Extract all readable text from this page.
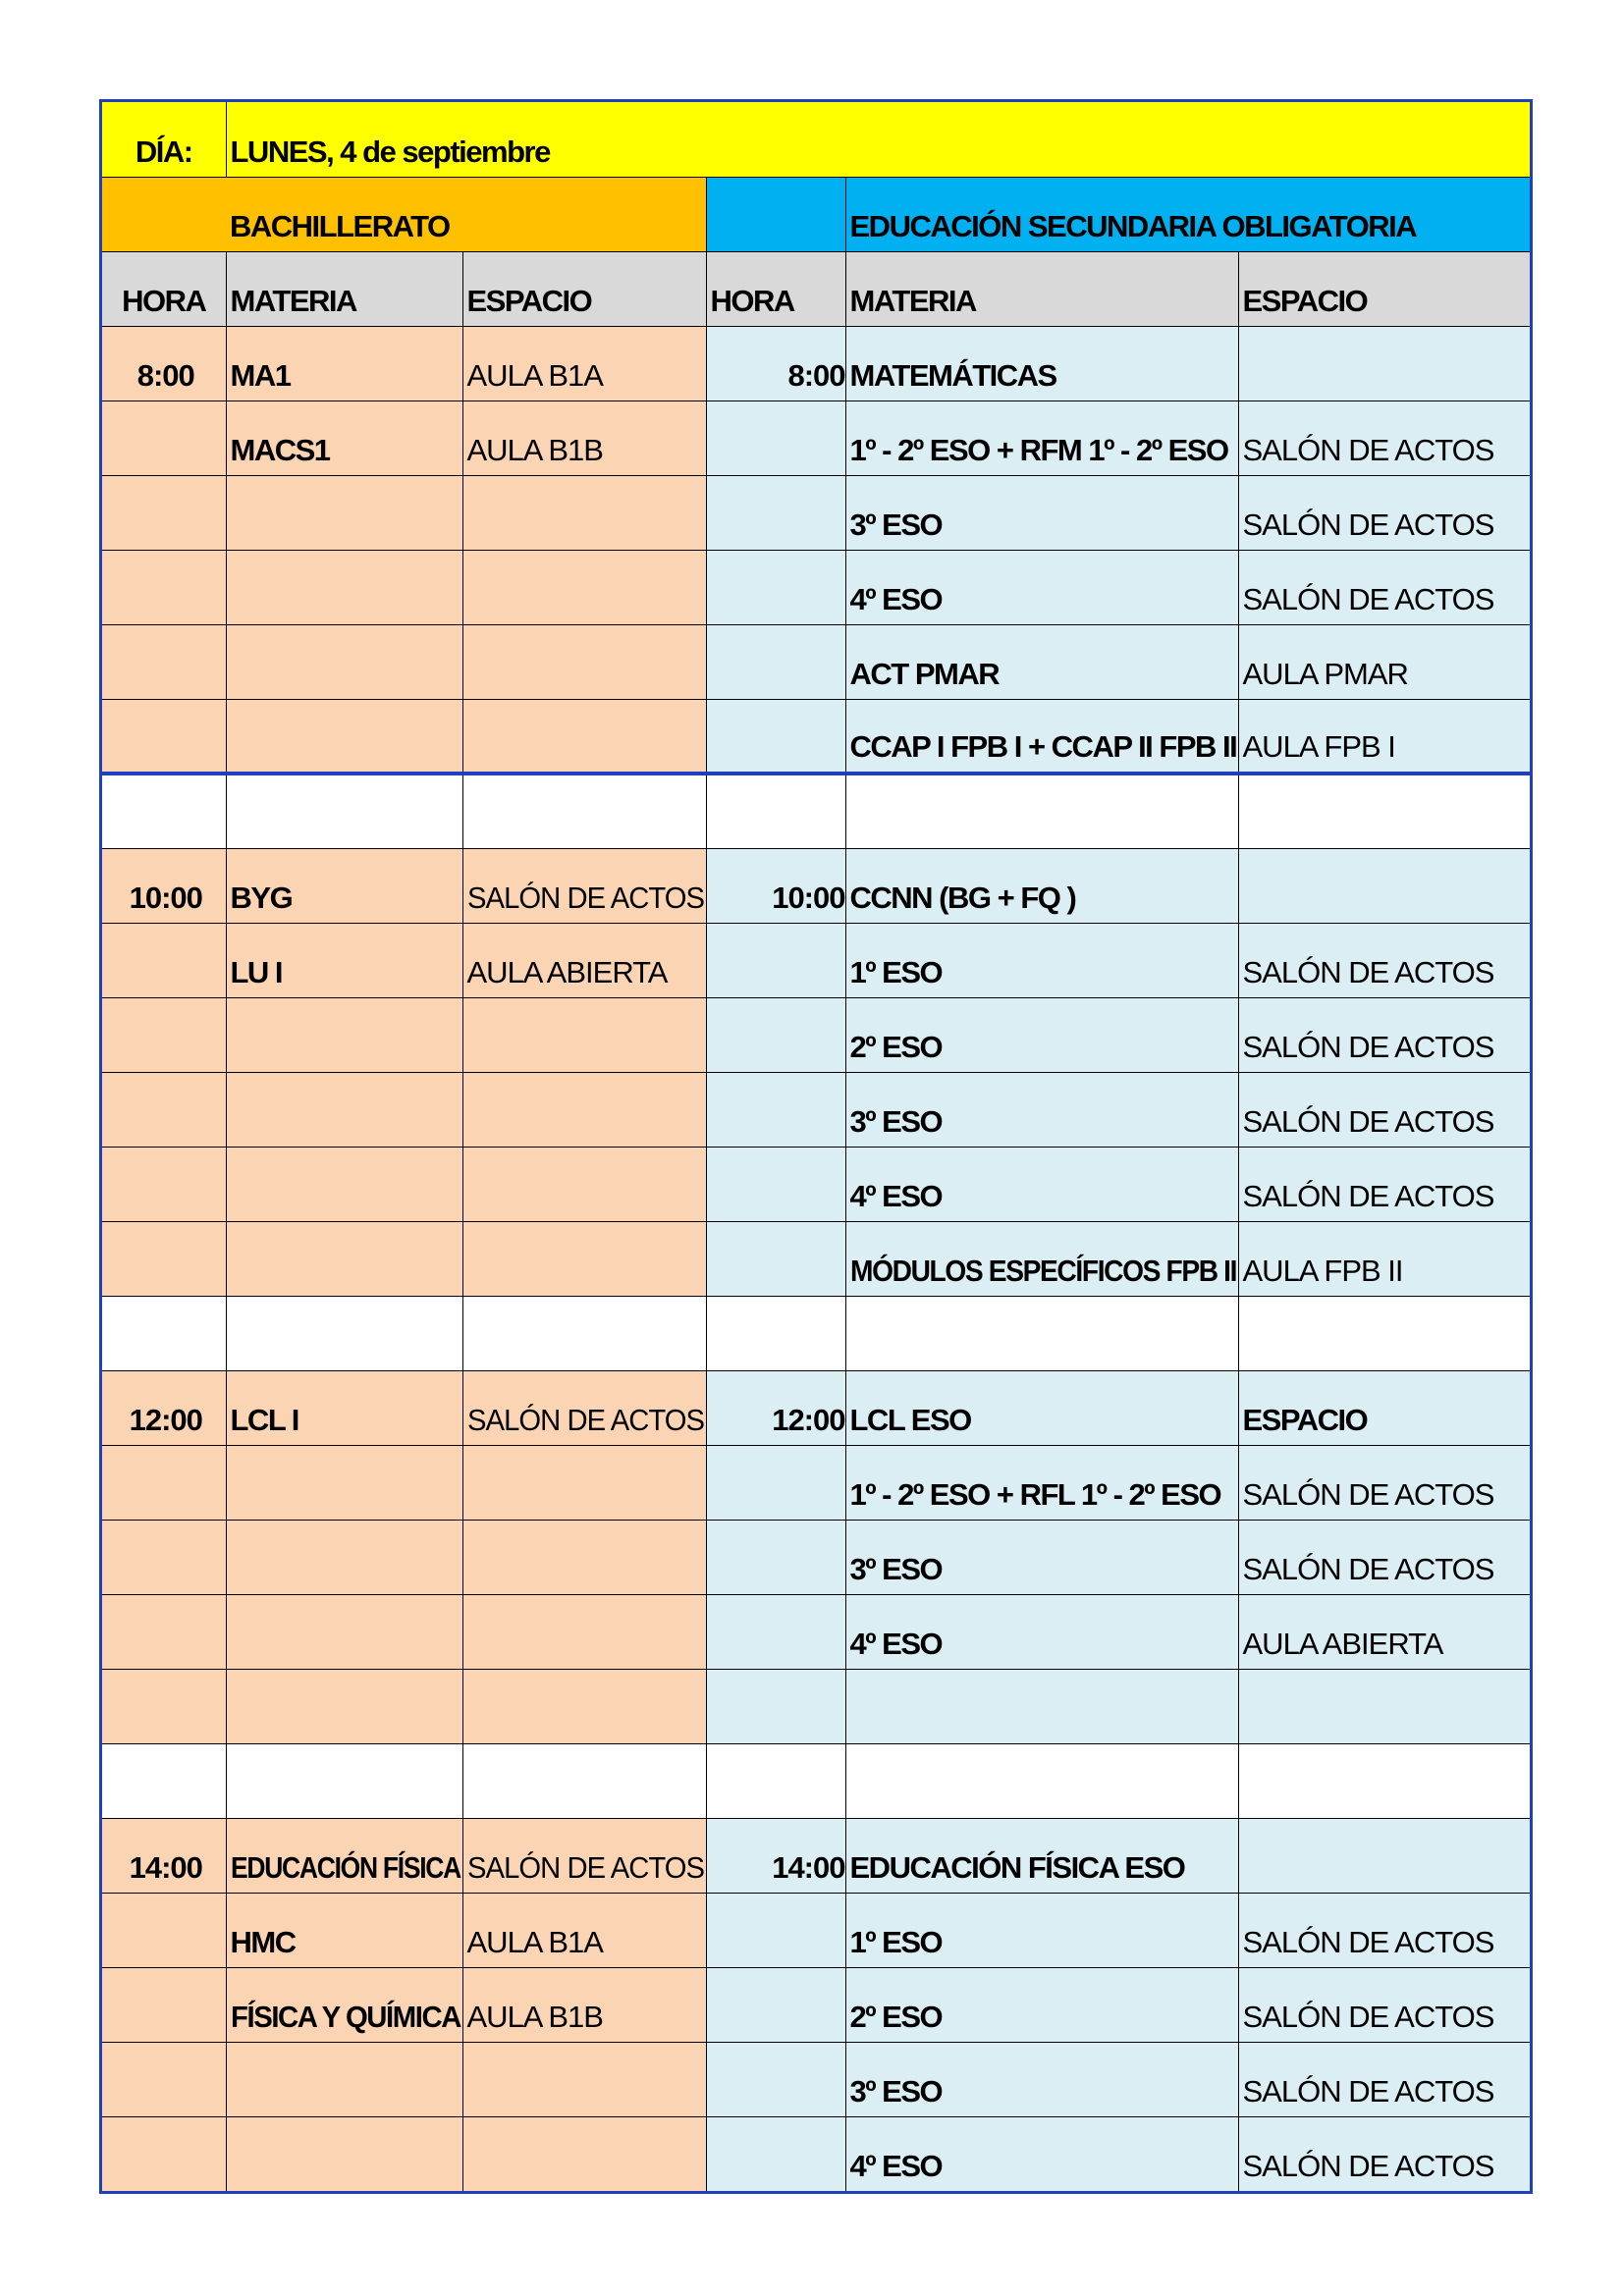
DÍA:	LUNES, 4 de septiembre				
	BACHILLERATO			EDUCACIÓN SECUNDARIA OBLIGATORIA	
HORA	MATERIA	ESPACIO	HORA	MATERIA	ESPACIO
8:00	MA1	AULA B1A	8:00	MATEMÁTICAS	
	MACS1	AULA B1B		1º - 2º ESO + RFM 1º - 2º ESO	SALÓN DE ACTOS
				3º ESO	SALÓN DE ACTOS
				4º ESO	SALÓN DE ACTOS
				ACT PMAR	AULA PMAR
				CCAP I FPB I + CCAP II FPB II	AULA FPB I

10:00	BYG	SALÓN DE ACTOS	10:00	CCNN (BG + FQ )	
	LU I	AULA ABIERTA		1º ESO	SALÓN DE ACTOS
				2º ESO	SALÓN DE ACTOS
				3º ESO	SALÓN DE ACTOS
				4º ESO	SALÓN DE ACTOS
				MÓDULOS ESPECÍFICOS FPB II	AULA FPB II

12:00	LCL I	SALÓN DE ACTOS	12:00	LCL ESO	ESPACIO
				1º - 2º ESO + RFL 1º - 2º ESO	SALÓN DE ACTOS
				3º ESO	SALÓN DE ACTOS
				4º ESO	AULA ABIERTA

14:00	EDUCACIÓN FÍSICA	SALÓN DE ACTOS	14:00	EDUCACIÓN FÍSICA ESO	
	HMC	AULA B1A		1º ESO	SALÓN DE ACTOS
	FÍSICA Y QUÍMICA	AULA B1B		2º ESO	SALÓN DE ACTOS
				3º ESO	SALÓN DE ACTOS
				4º ESO	SALÓN DE ACTOS
